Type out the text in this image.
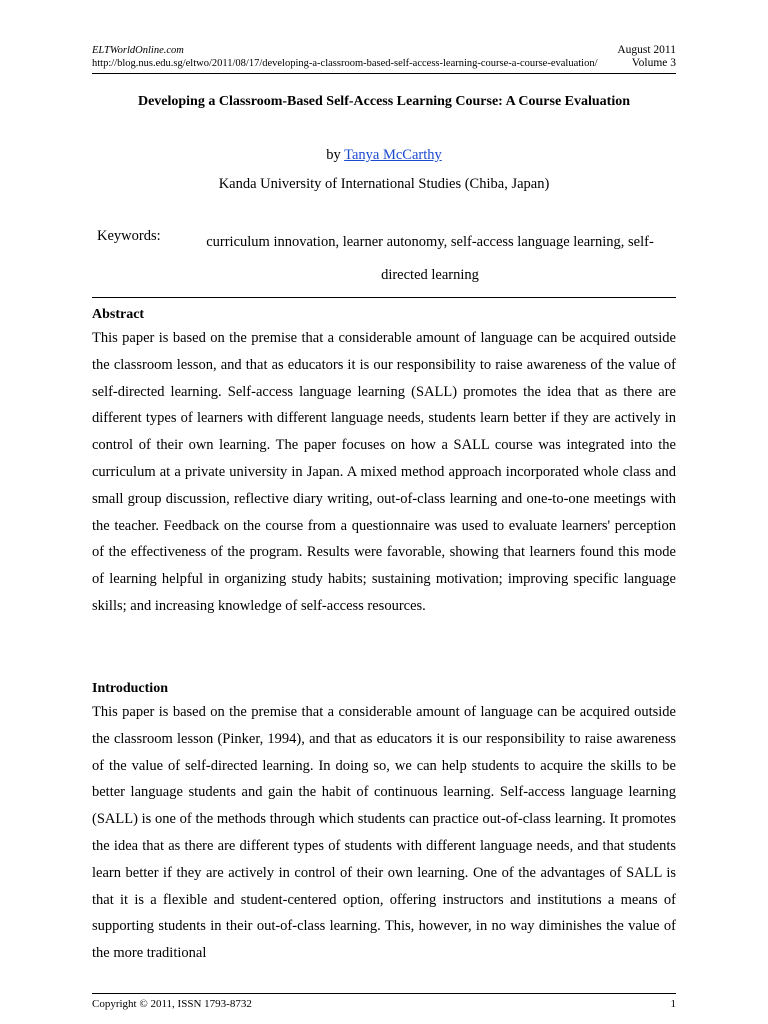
ELTWorldOnline.com
http://blog.nus.edu.sg/eltwo/2011/08/17/developing-a-classroom-based-self-access-learning-course-a-course-evaluation/
August 2011
Volume 3
Developing a Classroom-Based Self-Access Learning Course: A Course Evaluation
by Tanya McCarthy
Kanda University of International Studies (Chiba, Japan)
Keywords:	curriculum innovation, learner autonomy, self-access language learning, self-directed learning

Abstract

This paper is based on the premise that a considerable amount of language can be acquired outside the classroom lesson, and that as educators it is our responsibility to raise awareness of the value of self-directed learning. Self-access language learning (SALL) promotes the idea that as there are different types of learners with different language needs, students learn better if they are actively in control of their own learning. The paper focuses on how a SALL course was integrated into the curriculum at a private university in Japan. A mixed method approach incorporated whole class and small group discussion, reflective diary writing, out-of-class learning and one-to-one meetings with the teacher. Feedback on the course from a questionnaire was used to evaluate learners' perception of the effectiveness of the program. Results were favorable, showing that learners found this mode of learning helpful in organizing study habits; sustaining motivation; improving specific language skills; and increasing knowledge of self-access resources.

Introduction

This paper is based on the premise that a considerable amount of language can be acquired outside the classroom lesson (Pinker, 1994), and that as educators it is our responsibility to raise awareness of the value of self-directed learning. In doing so, we can help students to acquire the skills to be better language students and gain the habit of continuous learning. Self-access language learning (SALL) is one of the methods through which students can practice out-of-class learning. It promotes the idea that as there are different types of students with different language needs, and that students learn better if they are actively in control of their own learning. One of the advantages of SALL is that it is a flexible and student-centered option, offering instructors and institutions a means of supporting students in their out-of-class learning. This, however, in no way diminishes the value of the more traditional

Copyright © 2011, ISSN 1793-8732	1
